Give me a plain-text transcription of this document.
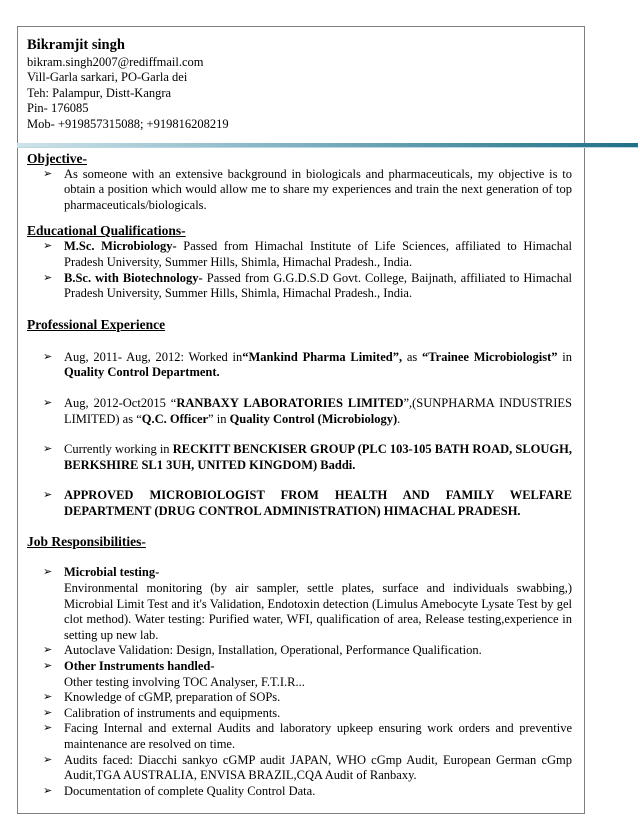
Bikramjit singh
bikram.singh2007@rediffmail.com
Vill-Garla sarkari, PO-Garla dei
Teh: Palampur, Distt-Kangra
Pin- 176085
Mob- +919857315088; +919816208219
Objective-
➢ As someone with an extensive background in biologicals and pharmaceuticals, my objective is to obtain a position which would allow me to share my experiences and train the next generation of top pharmaceuticals/biologicals.
Educational Qualifications-
➢ M.Sc. Microbiology- Passed from Himachal Institute of Life Sciences, affiliated to Himachal Pradesh University, Summer Hills, Shimla, Himachal Pradesh., India.
➢ B.Sc. with Biotechnology- Passed from G.G.D.S.D Govt. College, Baijnath, affiliated to Himachal Pradesh University, Summer Hills, Shimla, Himachal Pradesh., India.
Professional Experience
➢ Aug, 2011- Aug, 2012: Worked in“Mankind Pharma Limited”, as “Trainee Microbiologist” in Quality Control Department.
➢ Aug, 2012-Oct2015 “RANBAXY LABORATORIES LIMITED”,(SUNPHARMA INDUSTRIES LIMITED) as “Q.C. Officer” in Quality Control (Microbiology).
➢ Currently working in RECKITT BENCKISER GROUP (PLC 103-105 BATH ROAD, SLOUGH, BERKSHIRE SL1 3UH, UNITED KINGDOM) Baddi.
➢ APPROVED MICROBIOLOGIST FROM HEALTH AND FAMILY WELFARE DEPARTMENT (DRUG CONTROL ADMINISTRATION) HIMACHAL PRADESH.
Job Responsibilities-
➢ Microbial testing-
Environmental monitoring (by air sampler, settle plates, surface and individuals swabbing,) Microbial Limit Test and it's Validation, Endotoxin detection (Limulus Amebocyte Lysate Test by gel clot method). Water testing: Purified water, WFI, qualification of area, Release testing,experience in setting up new lab.
➢ Autoclave Validation: Design, Installation, Operational, Performance Qualification.
➢ Other Instruments handled-
Other testing involving TOC Analyser, F.T.I.R...
➢ Knowledge of cGMP, preparation of SOPs.
➢ Calibration of instruments and equipments.
➢ Facing Internal and external Audits and laboratory upkeep ensuring work orders and preventive maintenance are resolved on time.
➢ Audits faced: Diacchi sankyo cGMP audit JAPAN, WHO cGmp Audit, European German cGmp Audit,TGA AUSTRALIA, ENVISA BRAZIL,CQA Audit of Ranbaxy.
➢ Documentation of complete Quality Control Data.
